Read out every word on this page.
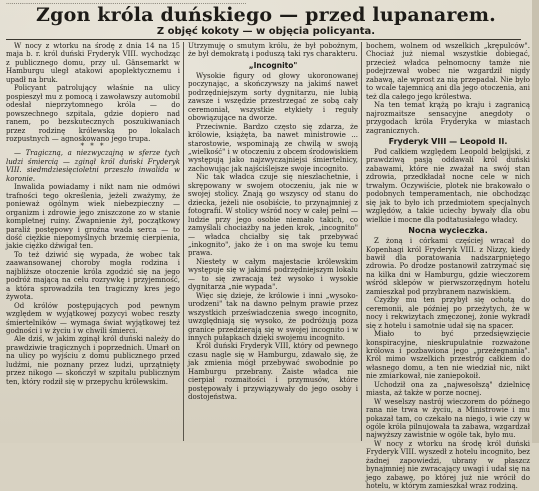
..............................................................................................................................
Zgon króla duńskiego — przed lupanarem.
Z objęć kokoty — w objęcia policyanta.

W nocy z wtorku na środę z dnia 14 na 15 maja b. r. król duński Fryderyk VIII. wychodząc z publicznego domu, przy ul. Gänsemarkt w Hamburgu uległ atakowi apoplektycznemu i upadł na bruk.

Policyant patrolujący właśnie na ulicy pospieszył mu z pomocą i zawoławszy automobil odesłał nieprzytomnego króla — do powszechnego szpitala, gdzie dopiero nad ranem, po bezskutecznych poszukiwaniach przez rodzinę królewską po lokalach rozpustnych — agnoskowano jego trupa.

* * *

— Tragiczną, a niezwyczajną w sferze tych ludzi śmiercią — zginął król duński Fryderyk VIII. siedmdziesięcioletni przeszło inwalida w koronie.

Inwalida powiadamy i nikt nam nie odmówi trafności tego określenia, jeżeli zważymy, że ponieważ ogólnym wiek niebezpieczny — organizm i zdrowie jego zniszczone zo w stanie kompletnej ruiny. Zwapnienie żył, początkowy paraliż postępowy i groźna wada serca — to dość ciężkie niepomyślnych brzemię cierpienia, jakie ciężko dźwigał ten.

To też dziwić się wypada, że wobec tak zaawansowanej choroby mogła rodzina i najbliższe otoczenie króla zgodzić się na jego podróż mającą na celu rozrywkę i przyjemność, a która sprowadziła ten tragiczny kres jego żywota.

Od królów postępujących pod pewnym względem w wyjątkowej pozycyi wobec reszty śmiertelników — wymaga świat wyjątkowej też godności i w życiu i w chwili śmierci.

Ale dziś, w jakim zginął król duński należy do prawdziwie tragicznych i poprzednich. Umarł on na ulicy po wyjściu z domu publicznego przed ludźmi, nie poznany przez ludzi, uprzątnięty przez nikogo — skończył w szpitalu publicznym ten, który rodził się w przepychu królewskim.

Utrzymuję o smutym królu, że był pobożnym, że był demokratą i poduszą taki rys charakteru.

„Incognito"

Wysokie figury od głowy ukoronowanej poczynając, a skończywszy na jakimś nawet podrzędniejszym sorty dygnitarzu, nie lubią zawsze i wszędzie przestrzegać ze sobą cały ceremoniał, wszystkie etykiety i reguły obowiązujące na dworze.

Przeciwnie. Bardzo często się zdarza, że królowie, książęta, ba nawet ministrowie ... starostowie, wspominają ze chwilą w swoją „wielkość" i w otoczeniu z obcem środowiskiem występują jako najzwyczajniejsi śmiertelnicy, zachowując jak najściślejsze swoje incognito.

Nic tak władca czuje się nieszlachetnie, i skrępowany w swojem otoczeniu, jak nie w swojej stolicy. Znają go wszyscy od stanu do dziecka, jeżeli nie osobiście, to przynajmniej z fotografii. W stolicy wśród nocy w całej pełni — ludzie przy jego osobie niemało takich, co zamyślali chociażby na jeden krok, „incognito" — władca chciałby się tak przebywać „inkognito", jako że i on ma swoje ku temu prawa.

Niestety w całym majestacie królewskim występuje się w jakimś podrzędniejszym lokalu — to się zwracają też wysoko i wysokie dygnitarza „nie wypada".

Więc się dzieje, że królowie i inni „wysoko-urodzeni" tak na dawno pełnym prawie przez wszystkich przeświadczenia swego incognito, uwzględniają się wysoko, że podróżują poza granice przedzierają się w swojej incognito i w innych pułapkach dzięki swojemu incognito.

Król duński Fryderyk VIII, który od pewnego czasu nagle się w Hamburgu, zdawało się, że jak zmienia mógł przebywać swobodnie po Hamburgu przebrany. Zaiste władca nie cierpiał rozmaitości i przymusów, które postępowały i przywiązywały do jego osoby i dostojeństwa.

bochem, wolnem od wszelkich „krępulców". Chociaż już niemal wszystkie dobiegać, przecież władca pełnomocny tamże nie podejrzewał wobec nie wzgardził nigdy zabawą, ale wprost za nią przepadał. Nie było to wcale tajemnicą ani dla jego otoczenia, ani też dla całego jego królestwa.

Na ten temat krążą po kraju i zagranicą najrozmaitsze sensacyjne anegdoty o przygodach króla Fryderyka w miastach zagranicznych.

Fryderyk VIII — Leopold II.

Pod całkiem względem Leopold belgijski, z prawdziwą pasją oddawali król duński zabawami, które nie zważał na swój stan zdrowia, przedkładał nocne cele w nich trwałym. Oczywiście, plotek nie brakowało o podobnych temperamentach, nie obchodząc się jak to było ich przedmiotem specjalnych względów, a takie uciechy bywały dla obu wielkie i mocne dla podtatusiałego władcy.

Nocna wycieczka.

Z żoną i córkami częściej wracał do Kopenhagi król Fryderyk VIII. z Nizzy, kiedy bawił dla poratowania nadszarpniętego zdrowia. Po drodze postanowił zatrzymać się na kilka dni w Hamburgu, gdzie wieczorem wśród sklepów w pierwszorzędnym hotelu zamieszkał pod przybranem nazwiskiem.

Czyżby mu ten przybył się ochotą do ceremonii, ale później po przeżytych, że w nocy i rekwizytach zmęczonej, żonie wykradł się z hotelu i samotnie udał się na spacer.

Miało to być przedsięwzięcie konspiracyjne, nieskrupulatnie rozważone królowa i pozbawiona jego „przeżegnania". Król mimo wszelkich przestróg całkiem do własnego domu, a ten nie wiedział nic, nikt nie zmiarkował, nie zaniepokoił.

Uchodził ona za „najwesołszą" dzielnicę miasta, aż także w porze nocnej.

W weselszy nastrój wieczorem do późnego rana nie trwa w życiu, a Ministrowie i mu pokazał tam, co czekało na niego, i wie czy w ogóle króla pilnujowała ta zabawa, wzgardzał najwyższy zawistnie w ogóle tak, było mu.

W nocy z wtorku na środę król duński Fryderyk VIII. wyszedł z hotelu incognito, bez żadnej zapowiedzi, ubrany w płaszcz bynajmniej nie zwracający uwagi i udał się na jego zabawę, po której już nie wrócił do hotelu, w którym zamieszkał wraz rodziną.
